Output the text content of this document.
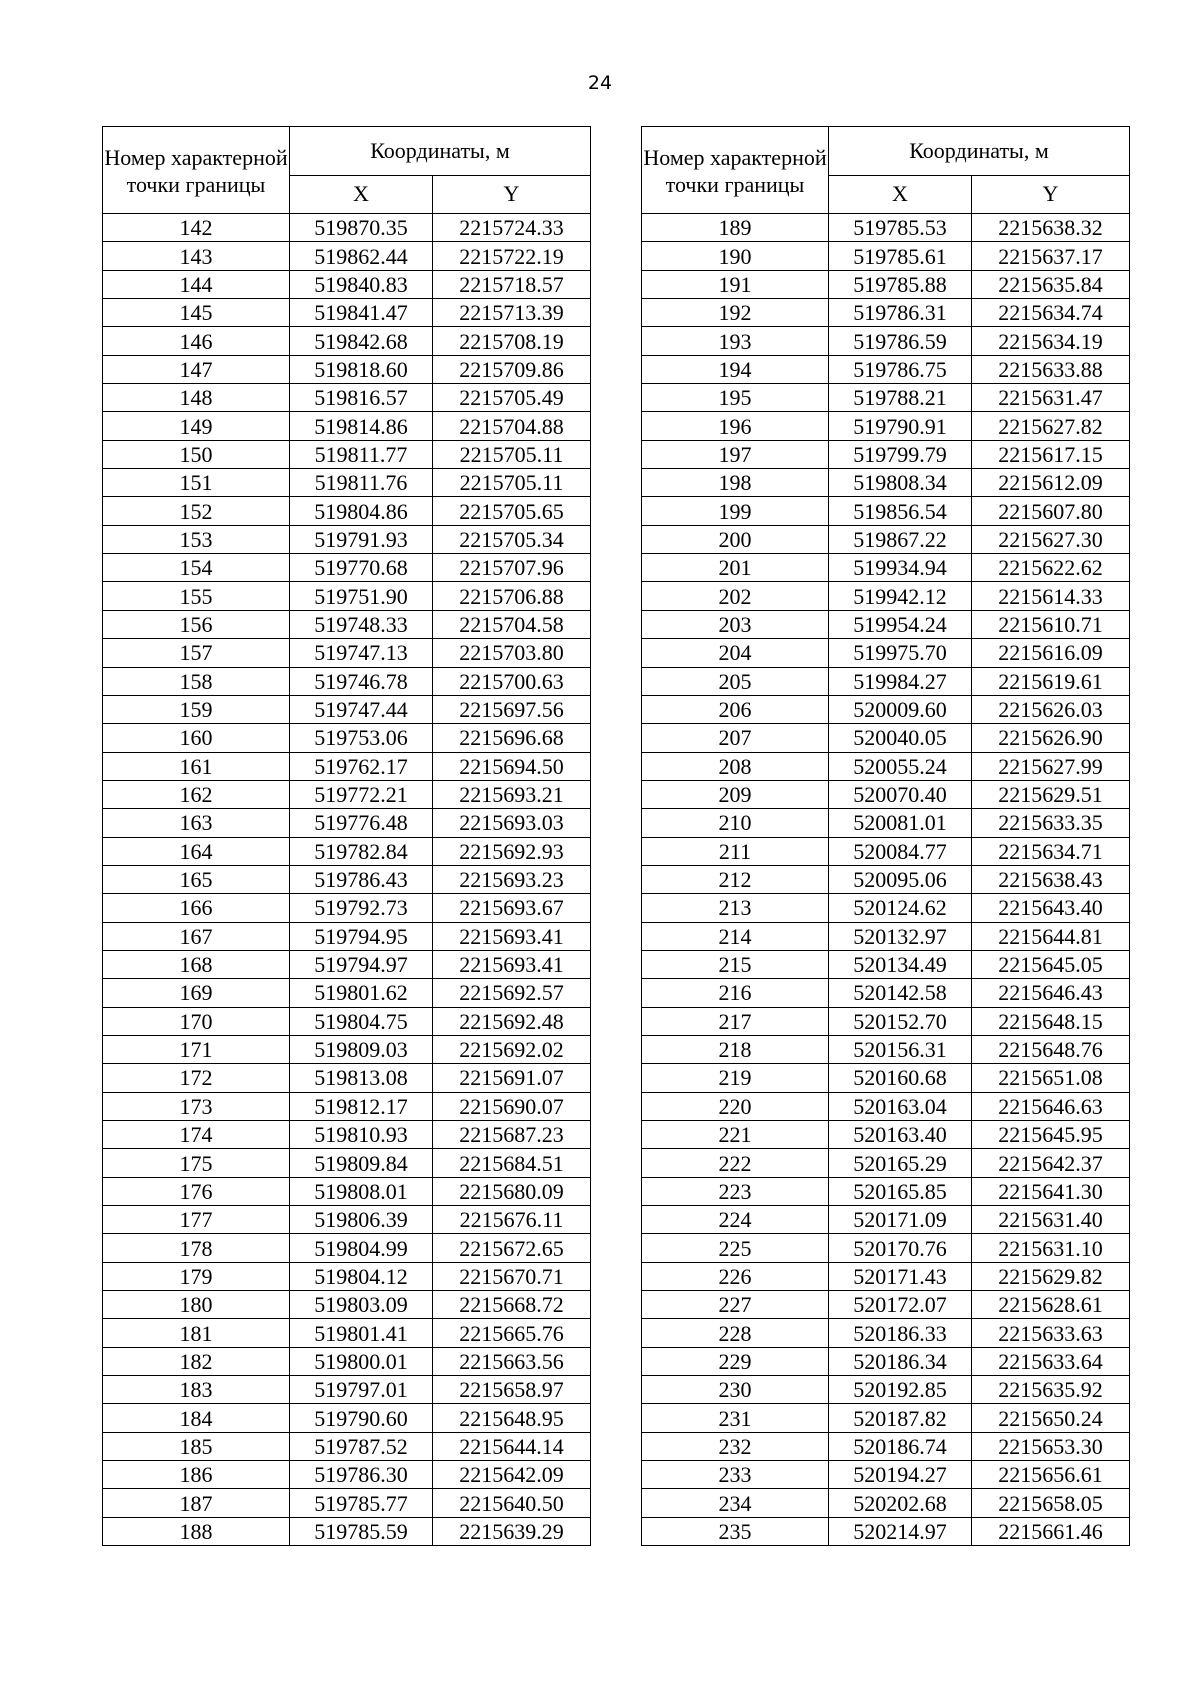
24
Номер характерной точки границы	Координаты, м	
	X	Y
142	519870.35	2215724.33
143	519862.44	2215722.19
144	519840.83	2215718.57
145	519841.47	2215713.39
146	519842.68	2215708.19
147	519818.60	2215709.86
148	519816.57	2215705.49
149	519814.86	2215704.88
150	519811.77	2215705.11
151	519811.76	2215705.11
152	519804.86	2215705.65
153	519791.93	2215705.34
154	519770.68	2215707.96
155	519751.90	2215706.88
156	519748.33	2215704.58
157	519747.13	2215703.80
158	519746.78	2215700.63
159	519747.44	2215697.56
160	519753.06	2215696.68
161	519762.17	2215694.50
162	519772.21	2215693.21
163	519776.48	2215693.03
164	519782.84	2215692.93
165	519786.43	2215693.23
166	519792.73	2215693.67
167	519794.95	2215693.41
168	519794.97	2215693.41
169	519801.62	2215692.57
170	519804.75	2215692.48
171	519809.03	2215692.02
172	519813.08	2215691.07
173	519812.17	2215690.07
174	519810.93	2215687.23
175	519809.84	2215684.51
176	519808.01	2215680.09
177	519806.39	2215676.11
178	519804.99	2215672.65
179	519804.12	2215670.71
180	519803.09	2215668.72
181	519801.41	2215665.76
182	519800.01	2215663.56
183	519797.01	2215658.97
184	519790.60	2215648.95
185	519787.52	2215644.14
186	519786.30	2215642.09
187	519785.77	2215640.50
188	519785.59	2215639.29
Номер характерной точки границы	Координаты, м	
	X	Y
189	519785.53	2215638.32
190	519785.61	2215637.17
191	519785.88	2215635.84
192	519786.31	2215634.74
193	519786.59	2215634.19
194	519786.75	2215633.88
195	519788.21	2215631.47
196	519790.91	2215627.82
197	519799.79	2215617.15
198	519808.34	2215612.09
199	519856.54	2215607.80
200	519867.22	2215627.30
201	519934.94	2215622.62
202	519942.12	2215614.33
203	519954.24	2215610.71
204	519975.70	2215616.09
205	519984.27	2215619.61
206	520009.60	2215626.03
207	520040.05	2215626.90
208	520055.24	2215627.99
209	520070.40	2215629.51
210	520081.01	2215633.35
211	520084.77	2215634.71
212	520095.06	2215638.43
213	520124.62	2215643.40
214	520132.97	2215644.81
215	520134.49	2215645.05
216	520142.58	2215646.43
217	520152.70	2215648.15
218	520156.31	2215648.76
219	520160.68	2215651.08
220	520163.04	2215646.63
221	520163.40	2215645.95
222	520165.29	2215642.37
223	520165.85	2215641.30
224	520171.09	2215631.40
225	520170.76	2215631.10
226	520171.43	2215629.82
227	520172.07	2215628.61
228	520186.33	2215633.63
229	520186.34	2215633.64
230	520192.85	2215635.92
231	520187.82	2215650.24
232	520186.74	2215653.30
233	520194.27	2215656.61
234	520202.68	2215658.05
235	520214.97	2215661.46
